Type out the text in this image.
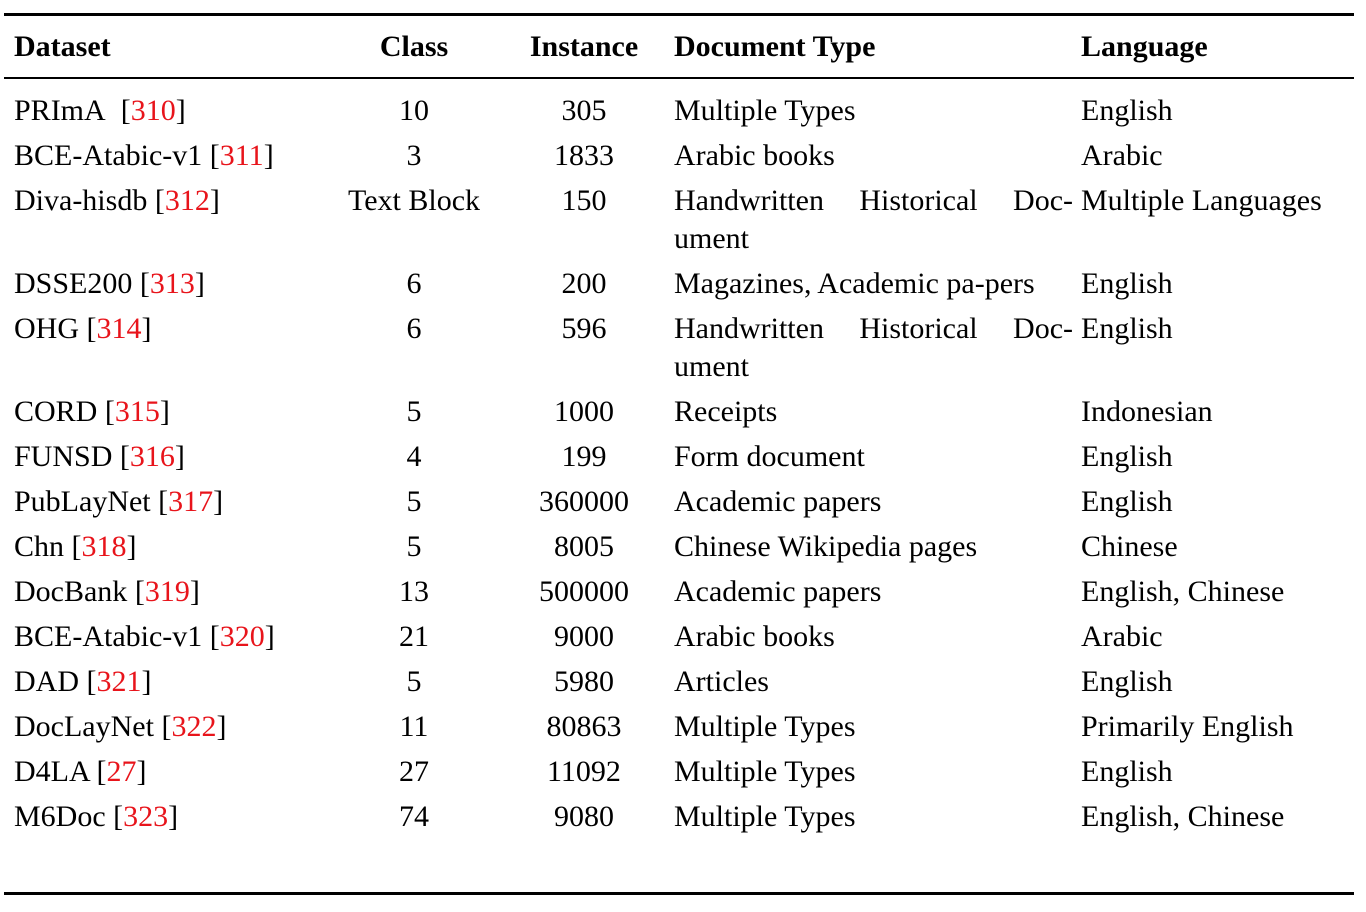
Dataset	Class	Instance	Document Type	Language
PRImA [310]	10	305	Multiple Types	English
BCE-Atabic-v1 [311]	3	1833	Arabic books	Arabic
Diva-hisdb [312]	Text Block	150	Handwritten Historical Doc-ument	Multiple Languages
DSSE200 [313]	6	200	Magazines, Academic pa-pers	English
OHG [314]	6	596	Handwritten Historical Doc-ument	English
CORD [315]	5	1000	Receipts	Indonesian
FUNSD [316]	4	199	Form document	English
PubLayNet [317]	5	360000	Academic papers	English
Chn [318]	5	8005	Chinese Wikipedia pages	Chinese
DocBank [319]	13	500000	Academic papers	English, Chinese
BCE-Atabic-v1 [320]	21	9000	Arabic books	Arabic
DAD [321]	5	5980	Articles	English
DocLayNet [322]	11	80863	Multiple Types	Primarily English
D4LA [27]	27	11092	Multiple Types	English
M6Doc [323]	74	9080	Multiple Types	English, Chinese
